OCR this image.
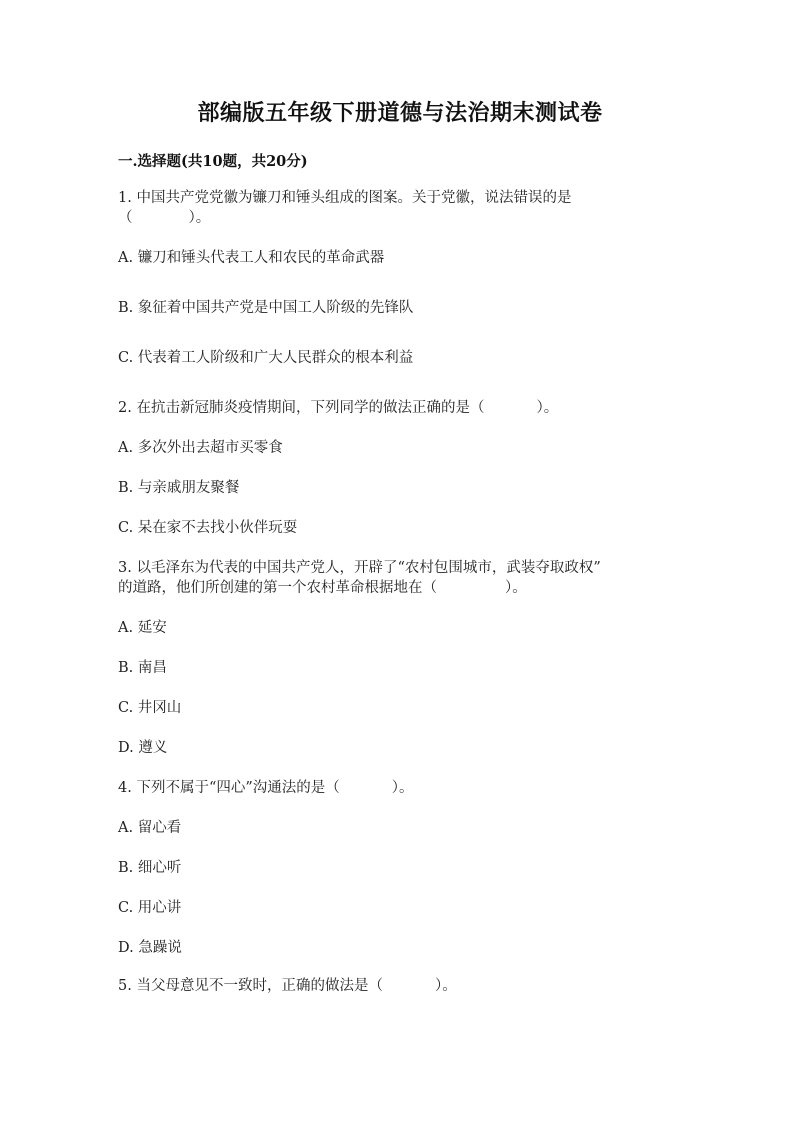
部编版五年级下册道德与法治期末测试卷
一.选择题(共10题，共20分)
1. 中国共产党党徽为镰刀和锤头组成的图案。关于党徽，说法错误的是
（	）。
A. 镰刀和锤头代表工人和农民的革命武器
B. 象征着中国共产党是中国工人阶级的先锋队
C. 代表着工人阶级和广大人民群众的根本利益
2. 在抗击新冠肺炎疫情期间，下列同学的做法正确的是（	）。
A. 多次外出去超市买零食
B. 与亲戚朋友聚餐
C. 呆在家不去找小伙伴玩耍
3. 以毛泽东为代表的中国共产党人，开辟了“农村包围城市，武装夺取政权”
的道路，他们所创建的第一个农村革命根据地在（	）。
A. 延安
B. 南昌
C. 井冈山
D. 遵义
4. 下列不属于“四心”沟通法的是（	）。
A. 留心看
B. 细心听
C. 用心讲
D. 急躁说
5. 当父母意见不一致时，正确的做法是（	）。
